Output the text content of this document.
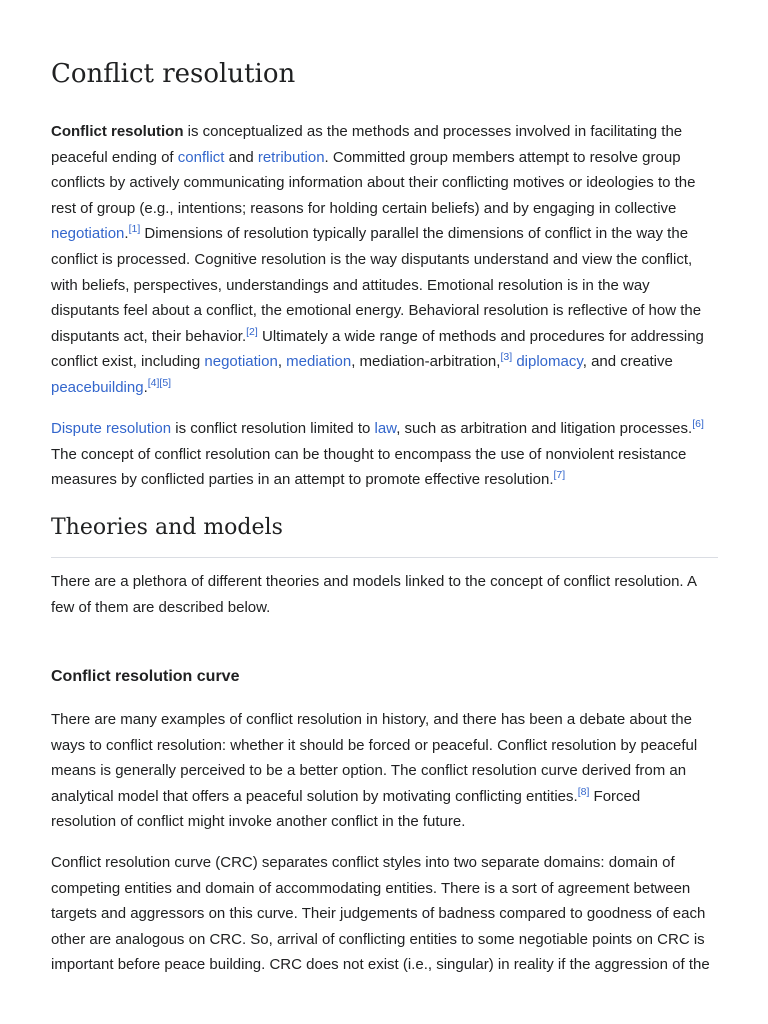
Conflict resolution

Conflict resolution is conceptualized as the methods and processes involved in facilitating the
peaceful ending of conflict and retribution. Committed group members attempt to resolve group
conflicts by actively communicating information about their conflicting motives or ideologies to the
rest of group (e.g., intentions; reasons for holding certain beliefs) and by engaging in collective
negotiation.[1] Dimensions of resolution typically parallel the dimensions of conflict in the way the
conflict is processed. Cognitive resolution is the way disputants understand and view the conflict,
with beliefs, perspectives, understandings and attitudes. Emotional resolution is in the way
disputants feel about a conflict, the emotional energy. Behavioral resolution is reflective of how the
disputants act, their behavior.[2] Ultimately a wide range of methods and procedures for addressing
conflict exist, including negotiation, mediation, mediation-arbitration,[3] diplomacy, and creative
peacebuilding.[4][5]

Dispute resolution is conflict resolution limited to law, such as arbitration and litigation processes.[6]
The concept of conflict resolution can be thought to encompass the use of nonviolent resistance
measures by conflicted parties in an attempt to promote effective resolution.[7]

Theories and models

There are a plethora of different theories and models linked to the concept of conflict resolution. A
few of them are described below.

Conflict resolution curve

There are many examples of conflict resolution in history, and there has been a debate about the
ways to conflict resolution: whether it should be forced or peaceful. Conflict resolution by peaceful
means is generally perceived to be a better option. The conflict resolution curve derived from an
analytical model that offers a peaceful solution by motivating conflicting entities.[8] Forced
resolution of conflict might invoke another conflict in the future.

Conflict resolution curve (CRC) separates conflict styles into two separate domains: domain of
competing entities and domain of accommodating entities. There is a sort of agreement between
targets and aggressors on this curve. Their judgements of badness compared to goodness of each
other are analogous on CRC. So, arrival of conflicting entities to some negotiable points on CRC is
important before peace building. CRC does not exist (i.e., singular) in reality if the aggression of the
